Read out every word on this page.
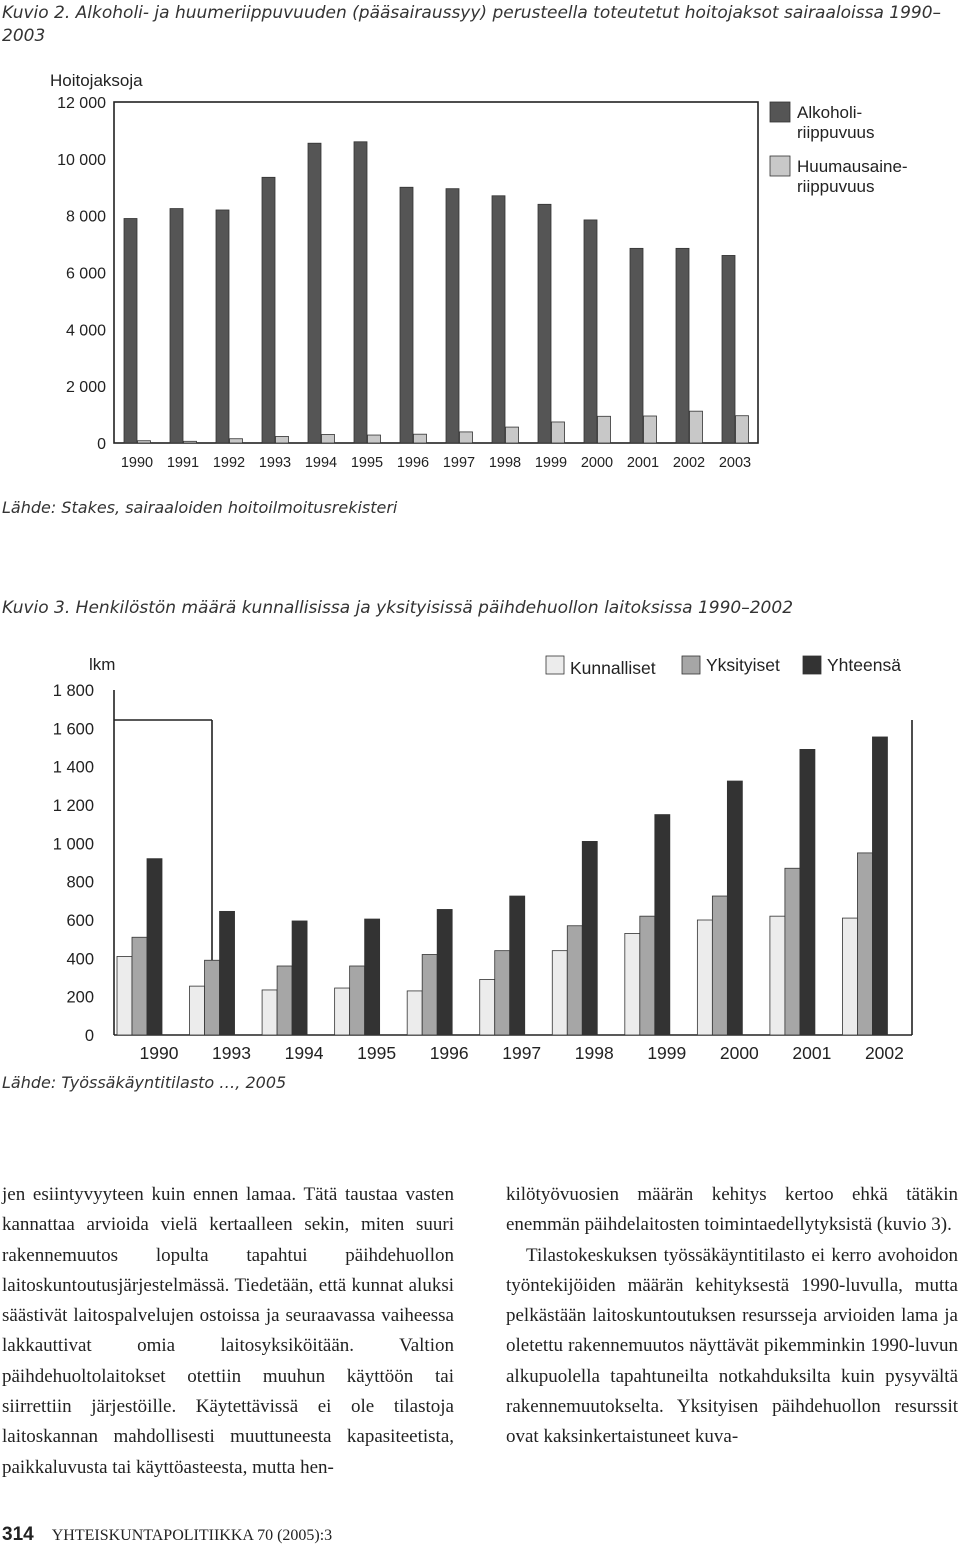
Kuvio 2. Alkoholi- ja huumeriippuvuuden (pääsairaussyy) perusteella toteutetut hoitojaksot sairaaloissa 1990–2003
Hoitojaksoja
0
2 000
4 000
6 000
8 000
10 000
12 000
1990 1991 1992 1993 1994 1995 1996 1997 1998 1999 2000 2001 2002 2003
Alkoholi-
riippuvuus
Huumausaine-
riippuvuus
Lähde: Stakes, sairaaloiden hoitoilmoitusrekisteri
Kuvio 3. Henkilöstön määrä kunnallisissa ja yksityisissä päihdehuollon laitoksissa 1990–2002
lkm
0
200
400
600
800
1 000
1 200
1 400
1 600
1 800
1990 1993 1994 1995 1996 1997 1998 1999 2000 2001 2002
Kunnalliset	Yksityiset	Yhteensä
Lähde: Työssäkäyntitilasto …, 2005

jen esiintyvyyteen kuin ennen lamaa. Tätä taustaa vasten kannattaa arvioida vielä kertaalleen sekin, miten suuri rakennemuutos lopulta tapahtui päihdehuollon laitoskuntoutusjärjestelmässä. Tiedetään, että kunnat aluksi säästivät laitospalvelujen ostoissa ja seuraavassa vaiheessa lakkauttivat omia laitosyksiköitään. Valtion päihdehuoltolaitokset otettiin muuhun käyttöön tai siirrettiin järjestöille. Käytettävissä ei ole tilastoja laitoskannan mahdollisesti muuttuneesta kapasiteetista, paikkaluvusta tai käyttöasteesta, mutta hen-

kilötyövuosien määrän kehitys kertoo ehkä tätäkin enemmän päihdelaitosten toimintaedellytyksistä (kuvio 3).

Tilastokeskuksen työssäkäyntitilasto ei kerro avohoidon työntekijöiden määrän kehityksestä 1990-luvulla, mutta pelkästään laitoskuntoutuksen resursseja arvioiden lama ja oletettu rakennemuutos näyttävät pikemminkin 1990-luvun alkupuolella tapahtuneilta notkahduksilta kuin pysyvältä rakennemuutokselta. Yksityisen päihdehuollon resurssit ovat kaksinkertaistuneet kuva-

314 YHTEISKUNTAPOLITIIKKA 70 (2005):3
